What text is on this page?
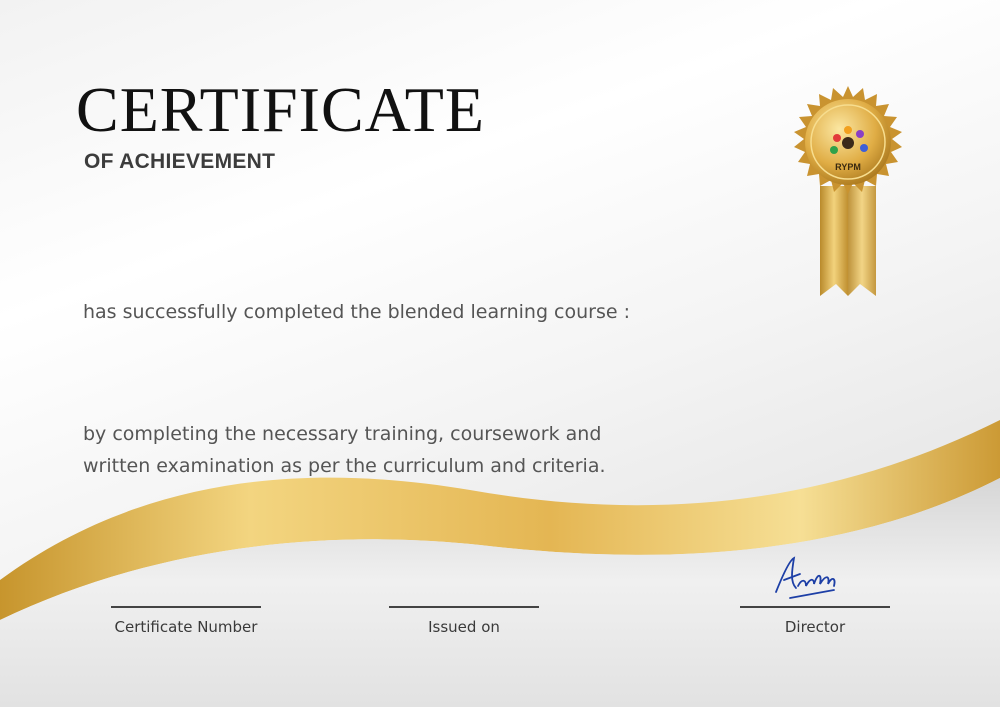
CERTIFICATE
OF ACHIEVEMENT

has successfully completed the blended learning course :

by completing the necessary training, coursework and
written examination as per the curriculum and criteria.

RYPM
Certificate Number	Issued on	Director
